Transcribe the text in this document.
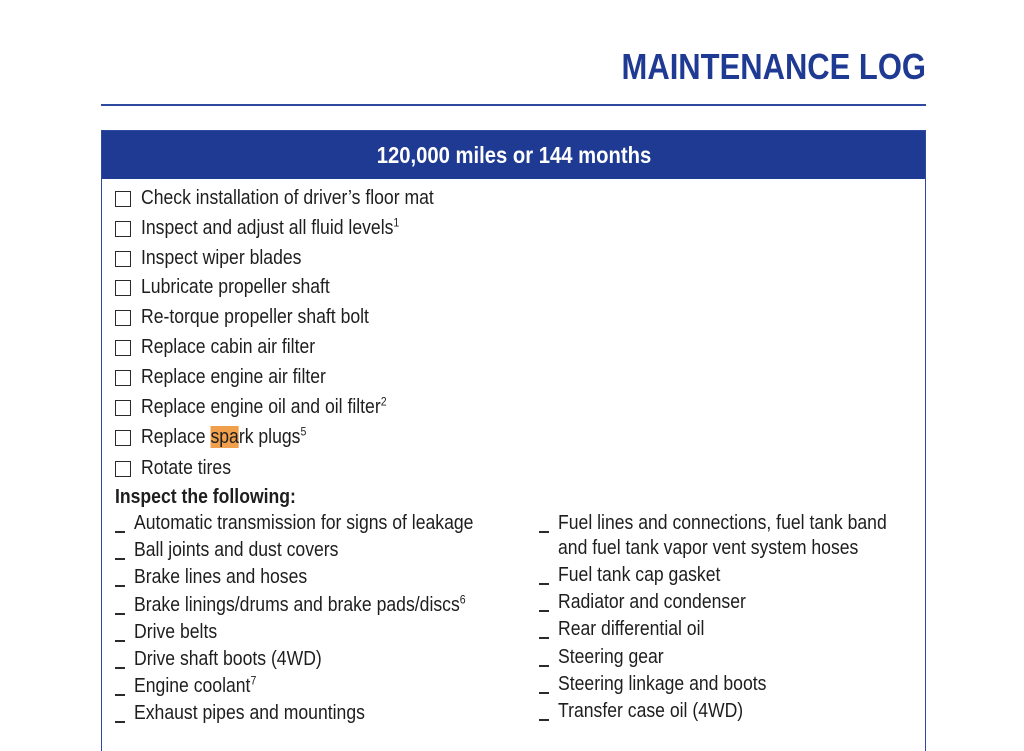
MAINTENANCE LOG
120,000 miles or 144 months
Check installation of driver’s floor mat
Inspect and adjust all fluid levels$^1$
Inspect wiper blades
Lubricate propeller shaft
Re-torque propeller shaft bolt
Replace cabin air filter
Replace engine air filter
Replace engine oil and oil filter$^2$
Replace spark plugs$^5$
Rotate tires
Inspect the following:
Automatic transmission for signs of leakage
Ball joints and dust covers
Brake lines and hoses
Brake linings/drums and brake pads/discs$^6$
Drive belts
Drive shaft boots (4WD)
Engine coolant$^7$
Exhaust pipes and mountings
Fuel lines and connections, fuel tank band
and fuel tank vapor vent system hoses
Fuel tank cap gasket
Radiator and condenser
Rear differential oil
Steering gear
Steering linkage and boots
Transfer case oil (4WD)
